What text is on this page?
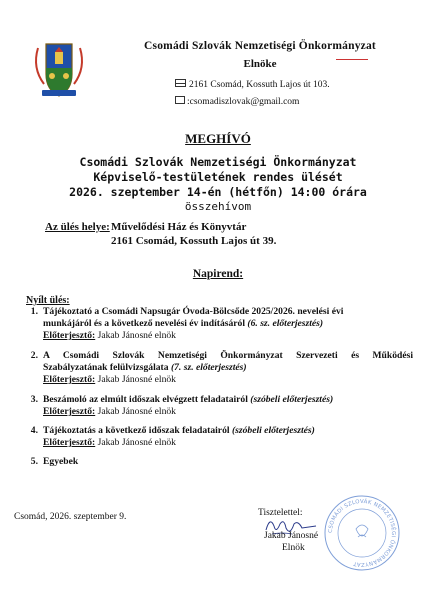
Csomádi Szlovák Nemzetiségi Önkormányzat
Elnöke
2161 Csomád, Kossuth Lajos út 103.
:csomadiszlovak@gmail.com
MEGHÍVÓ
Csomádi Szlovák Nemzetiségi Önkormányzat
Képviselő-testületének rendes ülését
2026. szeptember 14-én (hétfőn) 14:00 órára
összehívom
Az ülés helye: Művelődési Ház és Könyvtár
2161 Csomád, Kossuth Lajos út 39.
Napirend:
Nyílt ülés:
1. Tájékoztató a Csomádi Napsugár Óvoda-Bölcsőde 2025/2026. nevelési évi
munkájáról és a következő nevelési év indításáról (6. sz. előterjesztés)
Előterjesztő: Jakab Jánosné elnök
2. A Csomádi Szlovák Nemzetiségi Önkormányzat Szervezeti és Működési
Szabályzatának felülvizsgálata (7. sz. előterjesztés)
Előterjesztő: Jakab Jánosné elnök
3. Beszámoló az elmúlt időszak elvégzett feladatairól (szóbeli előterjesztés)
Előterjesztő: Jakab Jánosné elnök
4. Tájékoztatás a következő időszak feladatairól (szóbeli előterjesztés)
Előterjesztő: Jakab Jánosné elnök
5. Egyebek
Csomád, 2026. szeptember 9.	Tisztelettel:
Jakab Jánosné
Elnök
CSOMÁDI SZLOVÁK NEMZETISÉGI ÖNKORMÁNYZAT
